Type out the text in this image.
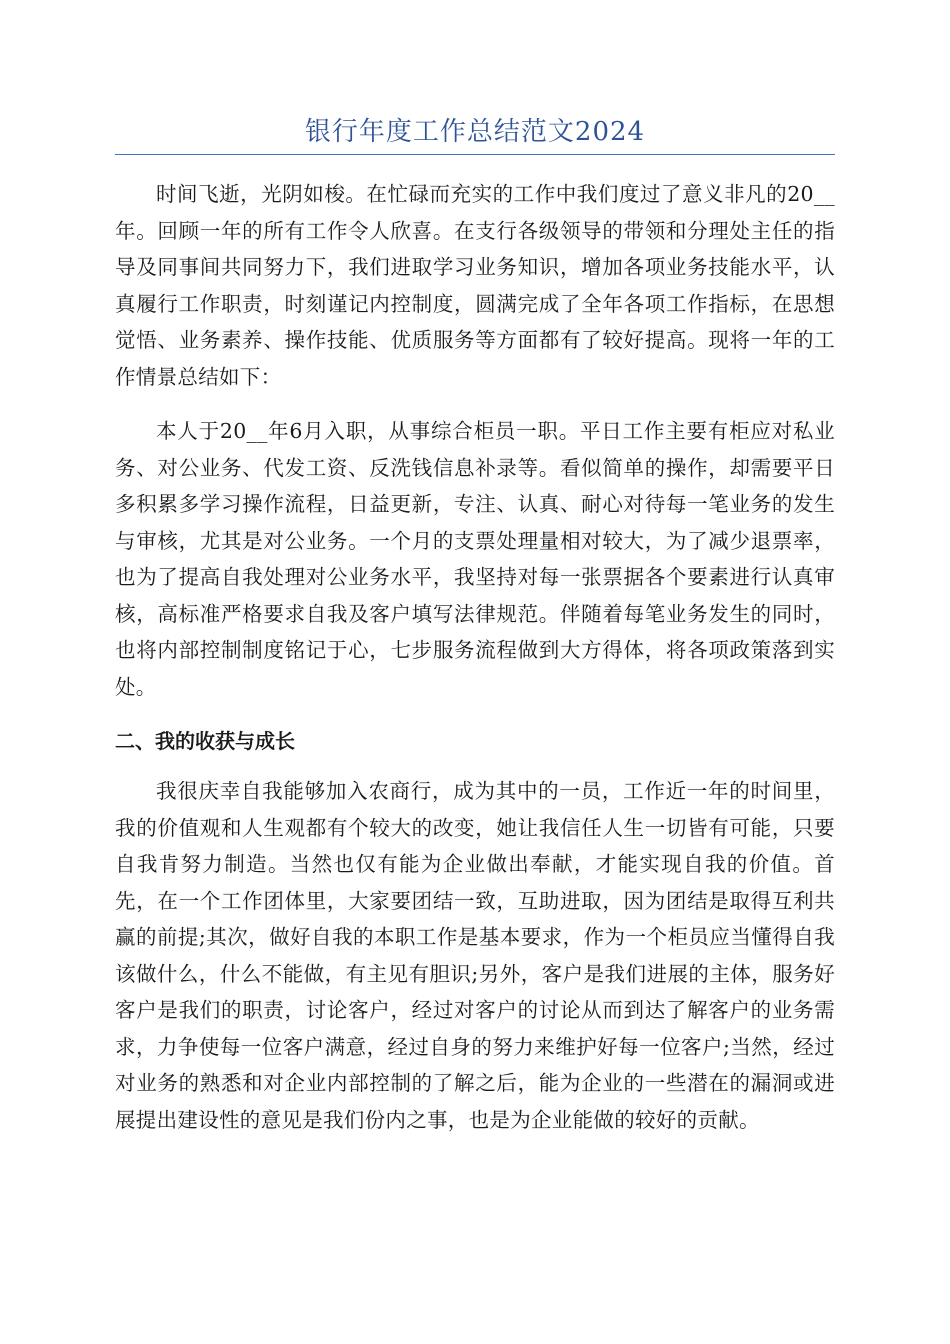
银行年度工作总结范文2024

时间飞逝，光阴如梭。在忙碌而充实的工作中我们度过了意义非凡的20__年。回顾一年的所有工作令人欣喜。在支行各级领导的带领和分理处主任的指导及同事间共同努力下，我们进取学习业务知识，增加各项业务技能水平，认真履行工作职责，时刻谨记内控制度，圆满完成了全年各项工作指标，在思想觉悟、业务素养、操作技能、优质服务等方面都有了较好提高。现将一年的工作情景总结如下：

本人于20__年6月入职，从事综合柜员一职。平日工作主要有柜应对私业务、对公业务、代发工资、反洗钱信息补录等。看似简单的操作，却需要平日多积累多学习操作流程，日益更新，专注、认真、耐心对待每一笔业务的发生与审核，尤其是对公业务。一个月的支票处理量相对较大，为了减少退票率，也为了提高自我处理对公业务水平，我坚持对每一张票据各个要素进行认真审核，高标准严格要求自我及客户填写法律规范。伴随着每笔业务发生的同时，也将内部控制制度铭记于心，七步服务流程做到大方得体，将各项政策落到实处。

二、我的收获与成长

我很庆幸自我能够加入农商行，成为其中的一员，工作近一年的时间里，我的价值观和人生观都有个较大的改变，她让我信任人生一切皆有可能，只要自我肯努力制造。当然也仅有能为企业做出奉献，才能实现自我的价值。首先，在一个工作团体里，大家要团结一致，互助进取，因为团结是取得互利共赢的前提;其次，做好自我的本职工作是基本要求，作为一个柜员应当懂得自我该做什么，什么不能做，有主见有胆识;另外，客户是我们进展的主体，服务好客户是我们的职责，讨论客户，经过对客户的讨论从而到达了解客户的业务需求，力争使每一位客户满意，经过自身的努力来维护好每一位客户;当然，经过对业务的熟悉和对企业内部控制的了解之后，能为企业的一些潜在的漏洞或进展提出建设性的意见是我们份内之事，也是为企业能做的较好的贡献。
